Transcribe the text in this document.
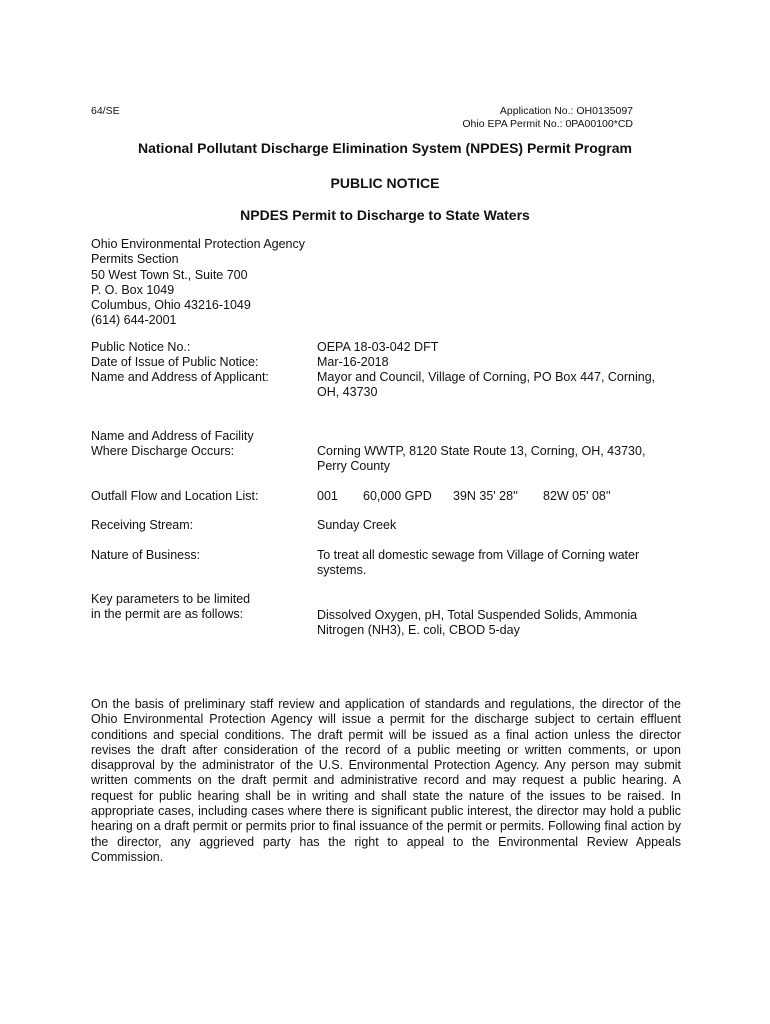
64/SE	Application No.: OH0135097
Ohio EPA Permit No.: 0PA00100*CD
National Pollutant Discharge Elimination System (NPDES) Permit Program
PUBLIC NOTICE
NPDES Permit to Discharge to State Waters
Ohio Environmental Protection Agency
Permits Section
50 West Town St., Suite 700
P. O. Box 1049
Columbus, Ohio 43216-1049
(614) 644-2001
Public Notice No.:	OEPA 18-03-042 DFT
Date of Issue of Public Notice:	Mar-16-2018
Name and Address of Applicant:	Mayor and Council, Village of Corning, PO Box 447, Corning, OH, 43730
Name and Address of Facility
Where Discharge Occurs:	Corning WWTP, 8120 State Route 13, Corning, OH, 43730, Perry County
Outfall Flow and Location List:	001 60,000 GPD 39N 35' 28'' 82W 05' 08''
Receiving Stream:	Sunday Creek
Nature of Business:	To treat all domestic sewage from Village of Corning water systems.
Key parameters to be limited
in the permit are as follows:	Dissolved Oxygen, pH, Total Suspended Solids, Ammonia Nitrogen (NH3), E. coli, CBOD 5-day
On the basis of preliminary staff review and application of standards and regulations, the director of the Ohio Environmental Protection Agency will issue a permit for the discharge subject to certain effluent conditions and special conditions. The draft permit will be issued as a final action unless the director revises the draft after consideration of the record of a public meeting or written comments, or upon disapproval by the administrator of the U.S. Environmental Protection Agency. Any person may submit written comments on the draft permit and administrative record and may request a public hearing. A request for public hearing shall be in writing and shall state the nature of the issues to be raised. In appropriate cases, including cases where there is significant public interest, the director may hold a public hearing on a draft permit or permits prior to final issuance of the permit or permits. Following final action by the director, any aggrieved party has the right to appeal to the Environmental Review Appeals Commission.
